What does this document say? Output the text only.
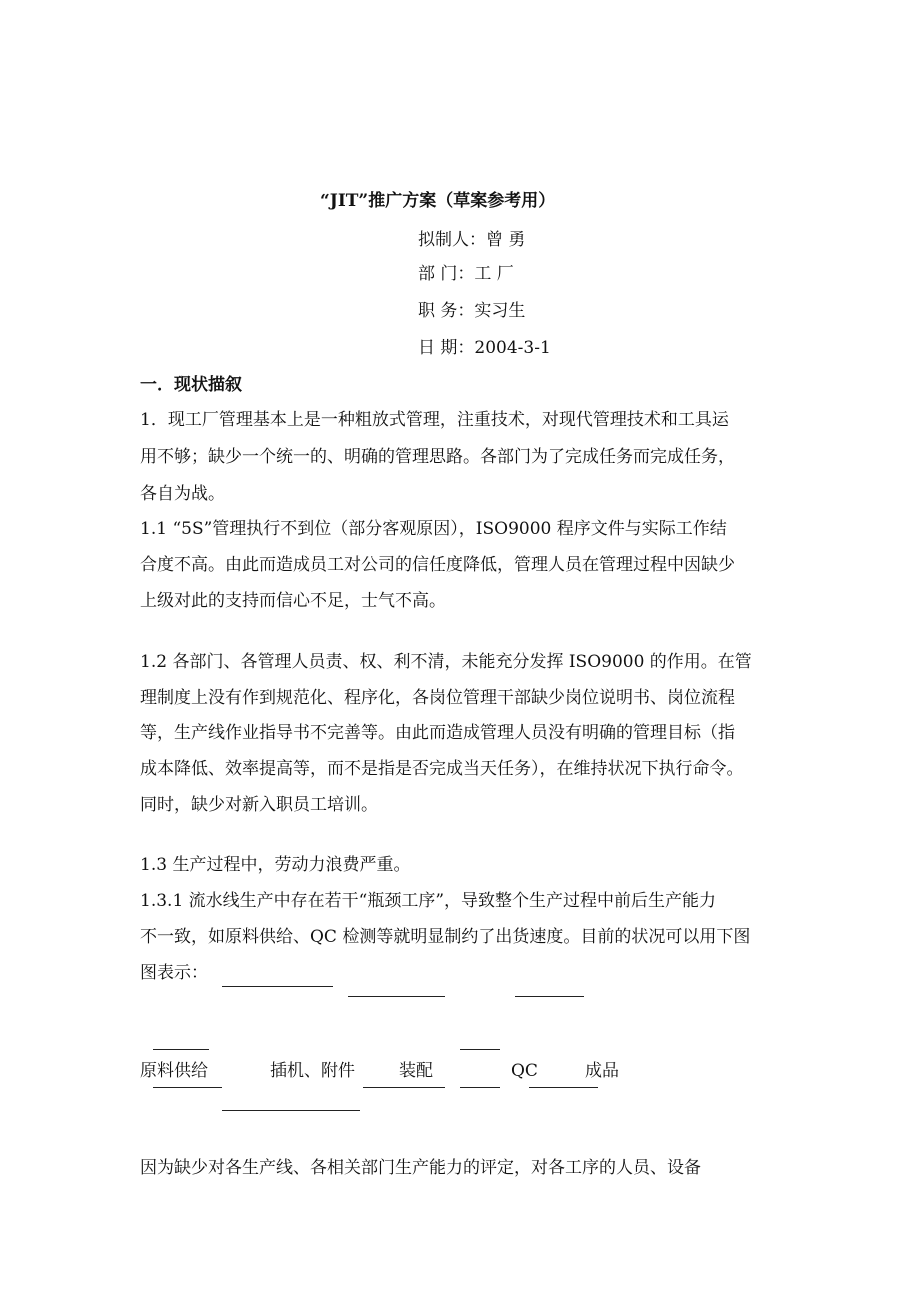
“JIT”推广方案（草案参考用）
拟制人：曾 勇
部 门：工 厂
职 务：实习生
日 期：2004-3-1
一．现状描叙
1．现工厂管理基本上是一种粗放式管理，注重技术，对现代管理技术和工具运
用不够；缺少一个统一的、明确的管理思路。各部门为了完成任务而完成任务，
各自为战。
1.1 “5S”管理执行不到位（部分客观原因），ISO9000 程序文件与实际工作结
合度不高。由此而造成员工对公司的信任度降低，管理人员在管理过程中因缺少
上级对此的支持而信心不足，士气不高。
1.2 各部门、各管理人员责、权、利不清，未能充分发挥 ISO9000 的作用。在管
理制度上没有作到规范化、程序化，各岗位管理干部缺少岗位说明书、岗位流程
等，生产线作业指导书不完善等。由此而造成管理人员没有明确的管理目标（指
成本降低、效率提高等，而不是指是否完成当天任务），在维持状况下执行命令。
同时，缺少对新入职员工培训。
1.3 生产过程中，劳动力浪费严重。
1.3.1 流水线生产中存在若干“瓶颈工序”，导致整个生产过程中前后生产能力
不一致，如原料供给、QC 检测等就明显制约了出货速度。目前的状况可以用下图
图表示：
原料供给	插机、附件	装配	QC	成品
因为缺少对各生产线、各相关部门生产能力的评定，对各工序的人员、设备
